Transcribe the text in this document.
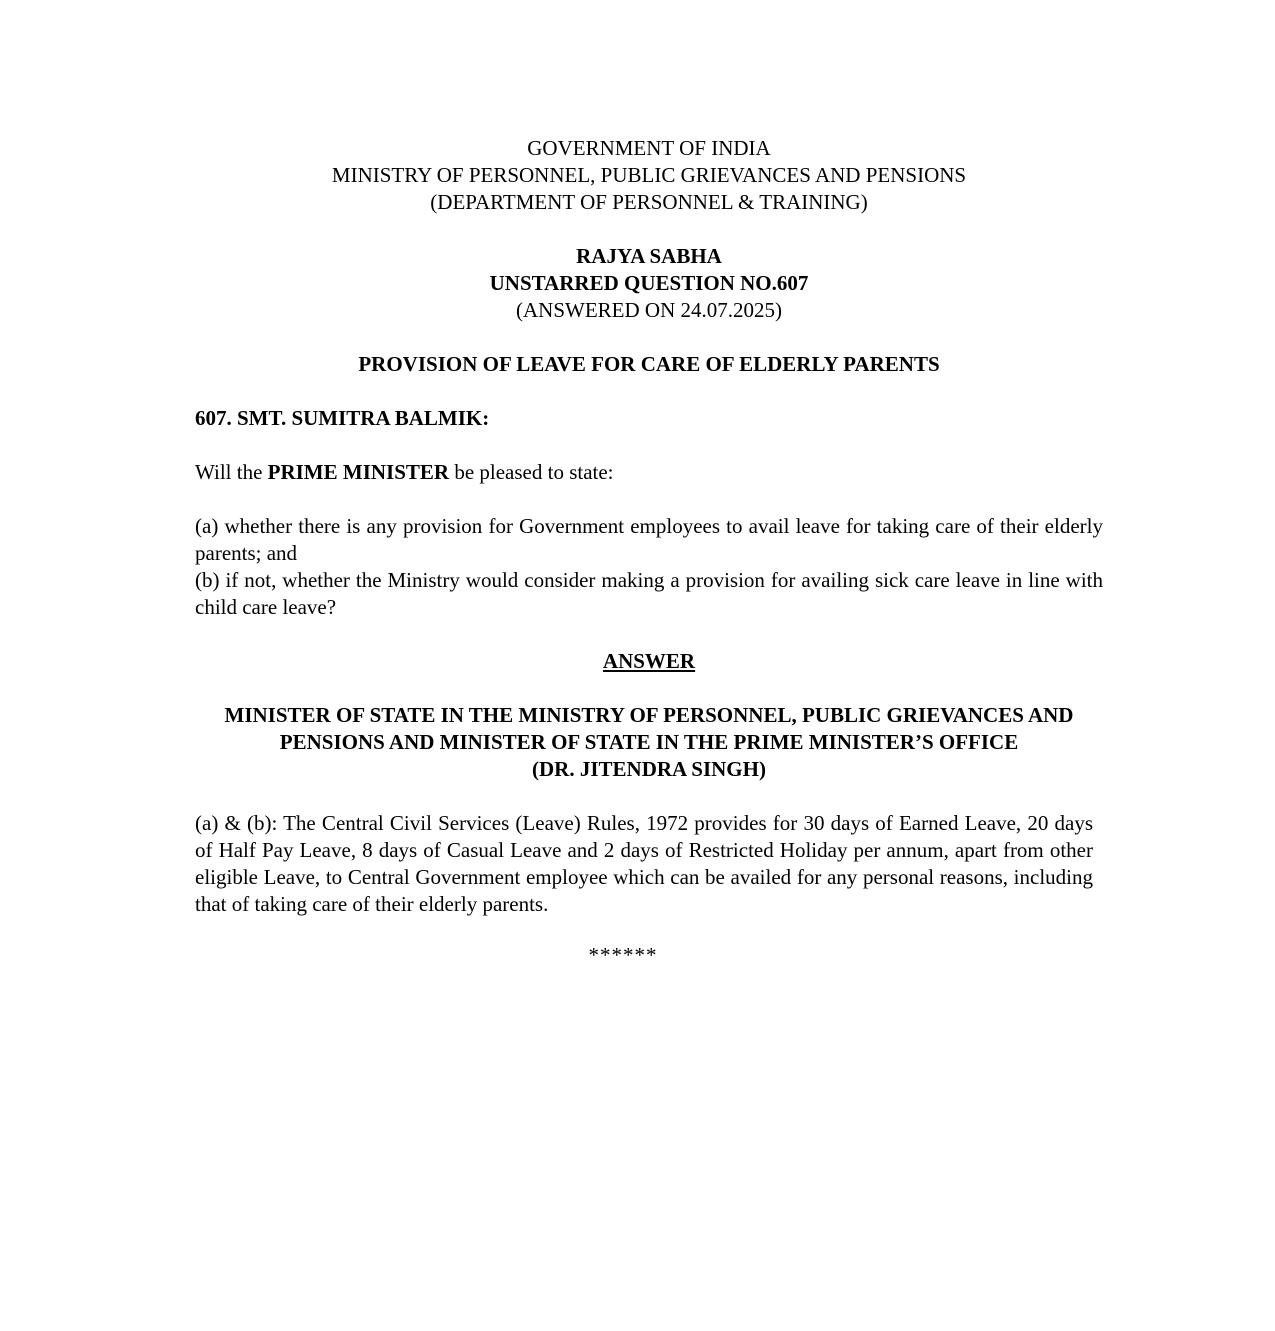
GOVERNMENT OF INDIA
MINISTRY OF PERSONNEL, PUBLIC GRIEVANCES AND PENSIONS
(DEPARTMENT OF PERSONNEL & TRAINING)
RAJYA SABHA
UNSTARRED QUESTION NO.607
(ANSWERED ON 24.07.2025)

PROVISION OF LEAVE FOR CARE OF ELDERLY PARENTS

607. SMT. SUMITRA BALMIK:

Will the PRIME MINISTER be pleased to state:

(a) whether there is any provision for Government employees to avail leave for taking care of their elderly parents; and

(b) if not, whether the Ministry would consider making a provision for availing sick care leave in line with child care leave?

ANSWER

MINISTER OF STATE IN THE MINISTRY OF PERSONNEL, PUBLIC GRIEVANCES AND PENSIONS AND MINISTER OF STATE IN THE PRIME MINISTER’S OFFICE
(DR. JITENDRA SINGH)

(a) & (b): The Central Civil Services (Leave) Rules, 1972 provides for 30 days of Earned Leave, 20 days of Half Pay Leave, 8 days of Casual Leave and 2 days of Restricted Holiday per annum, apart from other eligible Leave, to Central Government employee which can be availed for any personal reasons, including that of taking care of their elderly parents.

******
